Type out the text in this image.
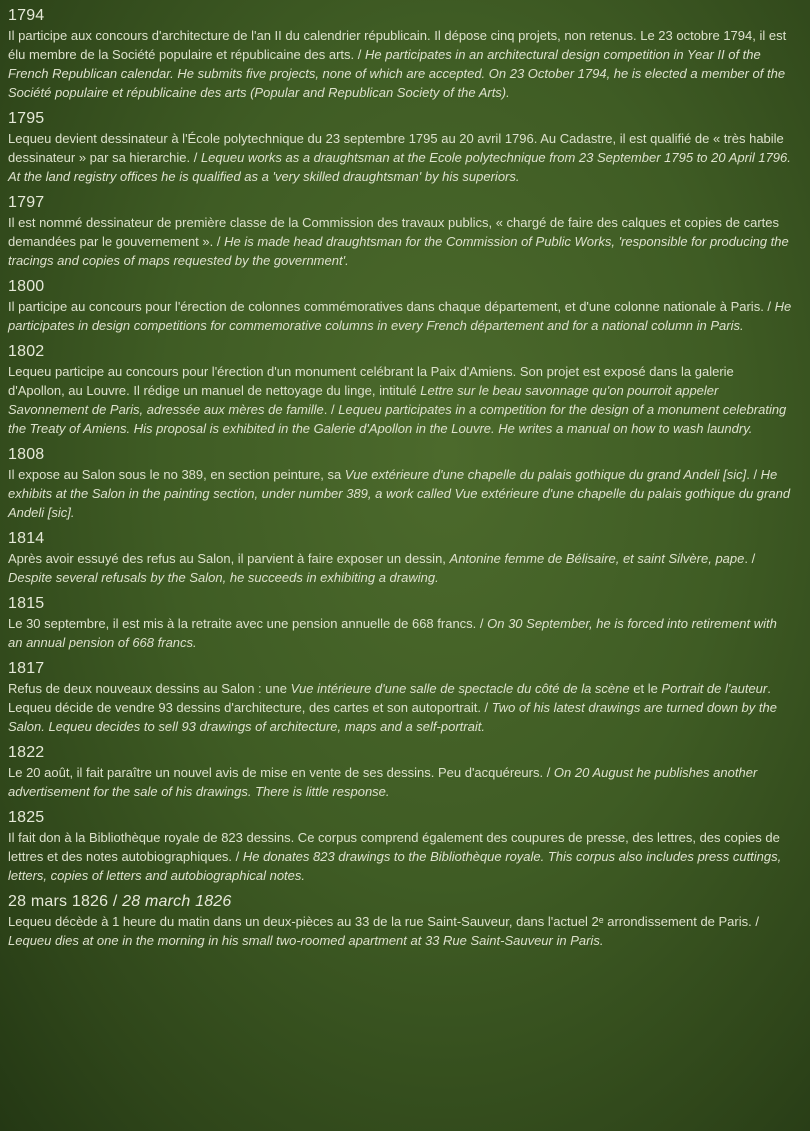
1794

Il participe aux concours d'architecture de l'an II du calendrier républicain. Il dépose cinq projets, non retenus. Le 23 octobre 1794, il est élu membre de la Société populaire et républicaine des arts. / He participates in an architectural design competition in Year II of the French Republican calendar. He submits five projects, none of which are accepted. On 23 October 1794, he is elected a member of the Société populaire et républicaine des arts (Popular and Republican Society of the Arts).

1795

Lequeu devient dessinateur à l'École polytechnique du 23 septembre 1795 au 20 avril 1796. Au Cadastre, il est qualifié de « très habile dessinateur » par sa hierarchie. / Lequeu works as a draughtsman at the Ecole polytechnique from 23 September 1795 to 20 April 1796. At the land registry offices he is qualified as a 'very skilled draughtsman' by his superiors.

1797

Il est nommé dessinateur de première classe de la Commission des travaux publics, « chargé de faire des calques et copies de cartes demandées par le gouvernement ». / He is made head draughtsman for the Commission of Public Works, 'responsible for producing the tracings and copies of maps requested by the government'.

1800

Il participe au concours pour l'érection de colonnes commémoratives dans chaque département, et d'une colonne nationale à Paris. / He participates in design competitions for commemorative columns in every French département and for a national column in Paris.

1802

Lequeu participe au concours pour l'érection d'un monument celébrant la Paix d'Amiens. Son projet est exposé dans la galerie d'Apollon, au Louvre. Il rédige un manuel de nettoyage du linge, intitulé Lettre sur le beau savonnage qu'on pourroit appeler Savonnement de Paris, adressée aux mères de famille. / Lequeu participates in a competition for the design of a monument celebrating the Treaty of Amiens. His proposal is exhibited in the Galerie d'Apollon in the Louvre. He writes a manual on how to wash laundry.

1808

Il expose au Salon sous le no 389, en section peinture, sa Vue extérieure d'une chapelle du palais gothique du grand Andeli [sic]. / He exhibits at the Salon in the painting section, under number 389, a work called Vue extérieure d'une chapelle du palais gothique du grand Andeli [sic].

1814

Après avoir essuyé des refus au Salon, il parvient à faire exposer un dessin, Antonine femme de Bélisaire, et saint Silvère, pape. / Despite several refusals by the Salon, he succeeds in exhibiting a drawing.

1815

Le 30 septembre, il est mis à la retraite avec une pension annuelle de 668 francs. / On 30 September, he is forced into retirement with an annual pension of 668 francs.

1817

Refus de deux nouveaux dessins au Salon : une Vue intérieure d'une salle de spectacle du côté de la scène et le Portrait de l'auteur. Lequeu décide de vendre 93 dessins d'architecture, des cartes et son autoportrait. / Two of his latest drawings are turned down by the Salon. Lequeu decides to sell 93 drawings of architecture, maps and a self-portrait.

1822

Le 20 août, il fait paraître un nouvel avis de mise en vente de ses dessins. Peu d'acquéreurs. / On 20 August he publishes another advertisement for the sale of his drawings. There is little response.

1825

Il fait don à la Bibliothèque royale de 823 dessins. Ce corpus comprend également des coupures de presse, des lettres, des copies de lettres et des notes autobiographiques. / He donates 823 drawings to the Bibliothèque royale. This corpus also includes press cuttings, letters, copies of letters and autobiographical notes.

28 mars 1826 / 28 march 1826

Lequeu décède à 1 heure du matin dans un deux-pièces au 33 de la rue Saint-Sauveur, dans l'actuel 2ᵉ arrondissement de Paris. / Lequeu dies at one in the morning in his small two-roomed apartment at 33 Rue Saint-Sauveur in Paris.
